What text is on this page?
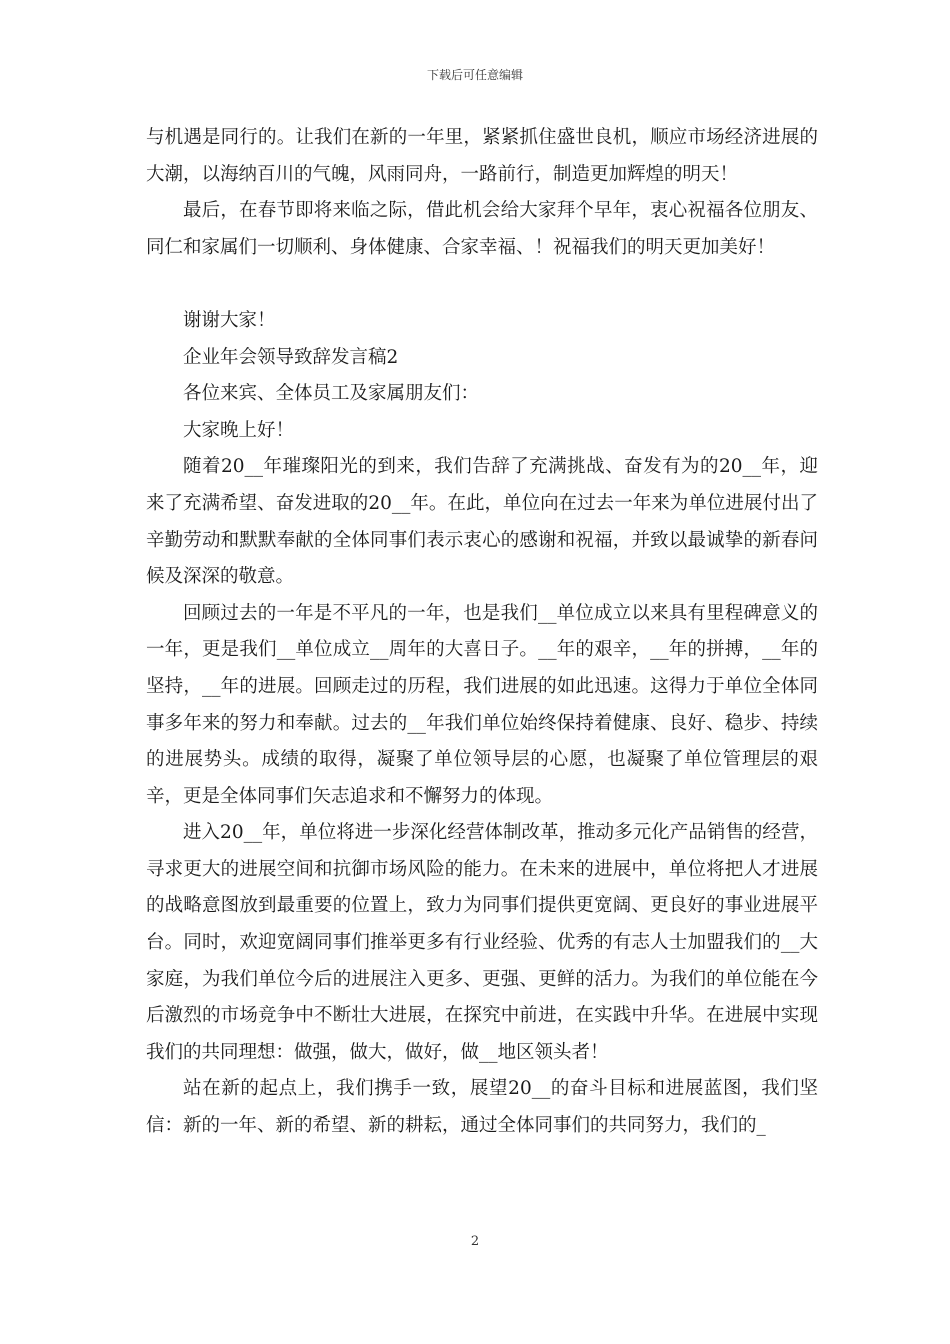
下载后可任意编辑

与机遇是同行的。让我们在新的一年里，紧紧抓住盛世良机，顺应市场经济进展的大潮，以海纳百川的气魄，风雨同舟，一路前行，制造更加辉煌的明天！

最后，在春节即将来临之际，借此机会给大家拜个早年，衷心祝福各位朋友、同仁和家属们一切顺利、身体健康、合家幸福、！祝福我们的明天更加美好！

谢谢大家！

企业年会领导致辞发言稿2

各位来宾、全体员工及家属朋友们：

大家晚上好！

随着20__年璀璨阳光的到来，我们告辞了充满挑战、奋发有为的20__年，迎来了充满希望、奋发进取的20__年。在此，单位向在过去一年来为单位进展付出了辛勤劳动和默默奉献的全体同事们表示衷心的感谢和祝福，并致以最诚挚的新春问候及深深的敬意。

回顾过去的一年是不平凡的一年，也是我们__单位成立以来具有里程碑意义的一年，更是我们__单位成立__周年的大喜日子。__年的艰辛，__年的拼搏，__年的坚持，__年的进展。回顾走过的历程，我们进展的如此迅速。这得力于单位全体同事多年来的努力和奉献。过去的__年我们单位始终保持着健康、良好、稳步、持续的进展势头。成绩的取得，凝聚了单位领导层的心愿，也凝聚了单位管理层的艰辛，更是全体同事们矢志追求和不懈努力的体现。

进入20__年，单位将进一步深化经营体制改革，推动多元化产品销售的经营，寻求更大的进展空间和抗御市场风险的能力。在未来的进展中，单位将把人才进展的战略意图放到最重要的位置上，致力为同事们提供更宽阔、更良好的事业进展平台。同时，欢迎宽阔同事们推举更多有行业经验、优秀的有志人士加盟我们的__大家庭，为我们单位今后的进展注入更多、更强、更鲜的活力。为我们的单位能在今后激烈的市场竞争中不断壮大进展，在探究中前进，在实践中升华。在进展中实现我们的共同理想：做强，做大，做好，做__地区领头者！

站在新的起点上，我们携手一致，展望20__的奋斗目标和进展蓝图，我们坚信：新的一年、新的希望、新的耕耘，通过全体同事们的共同努力，我们的_

2
